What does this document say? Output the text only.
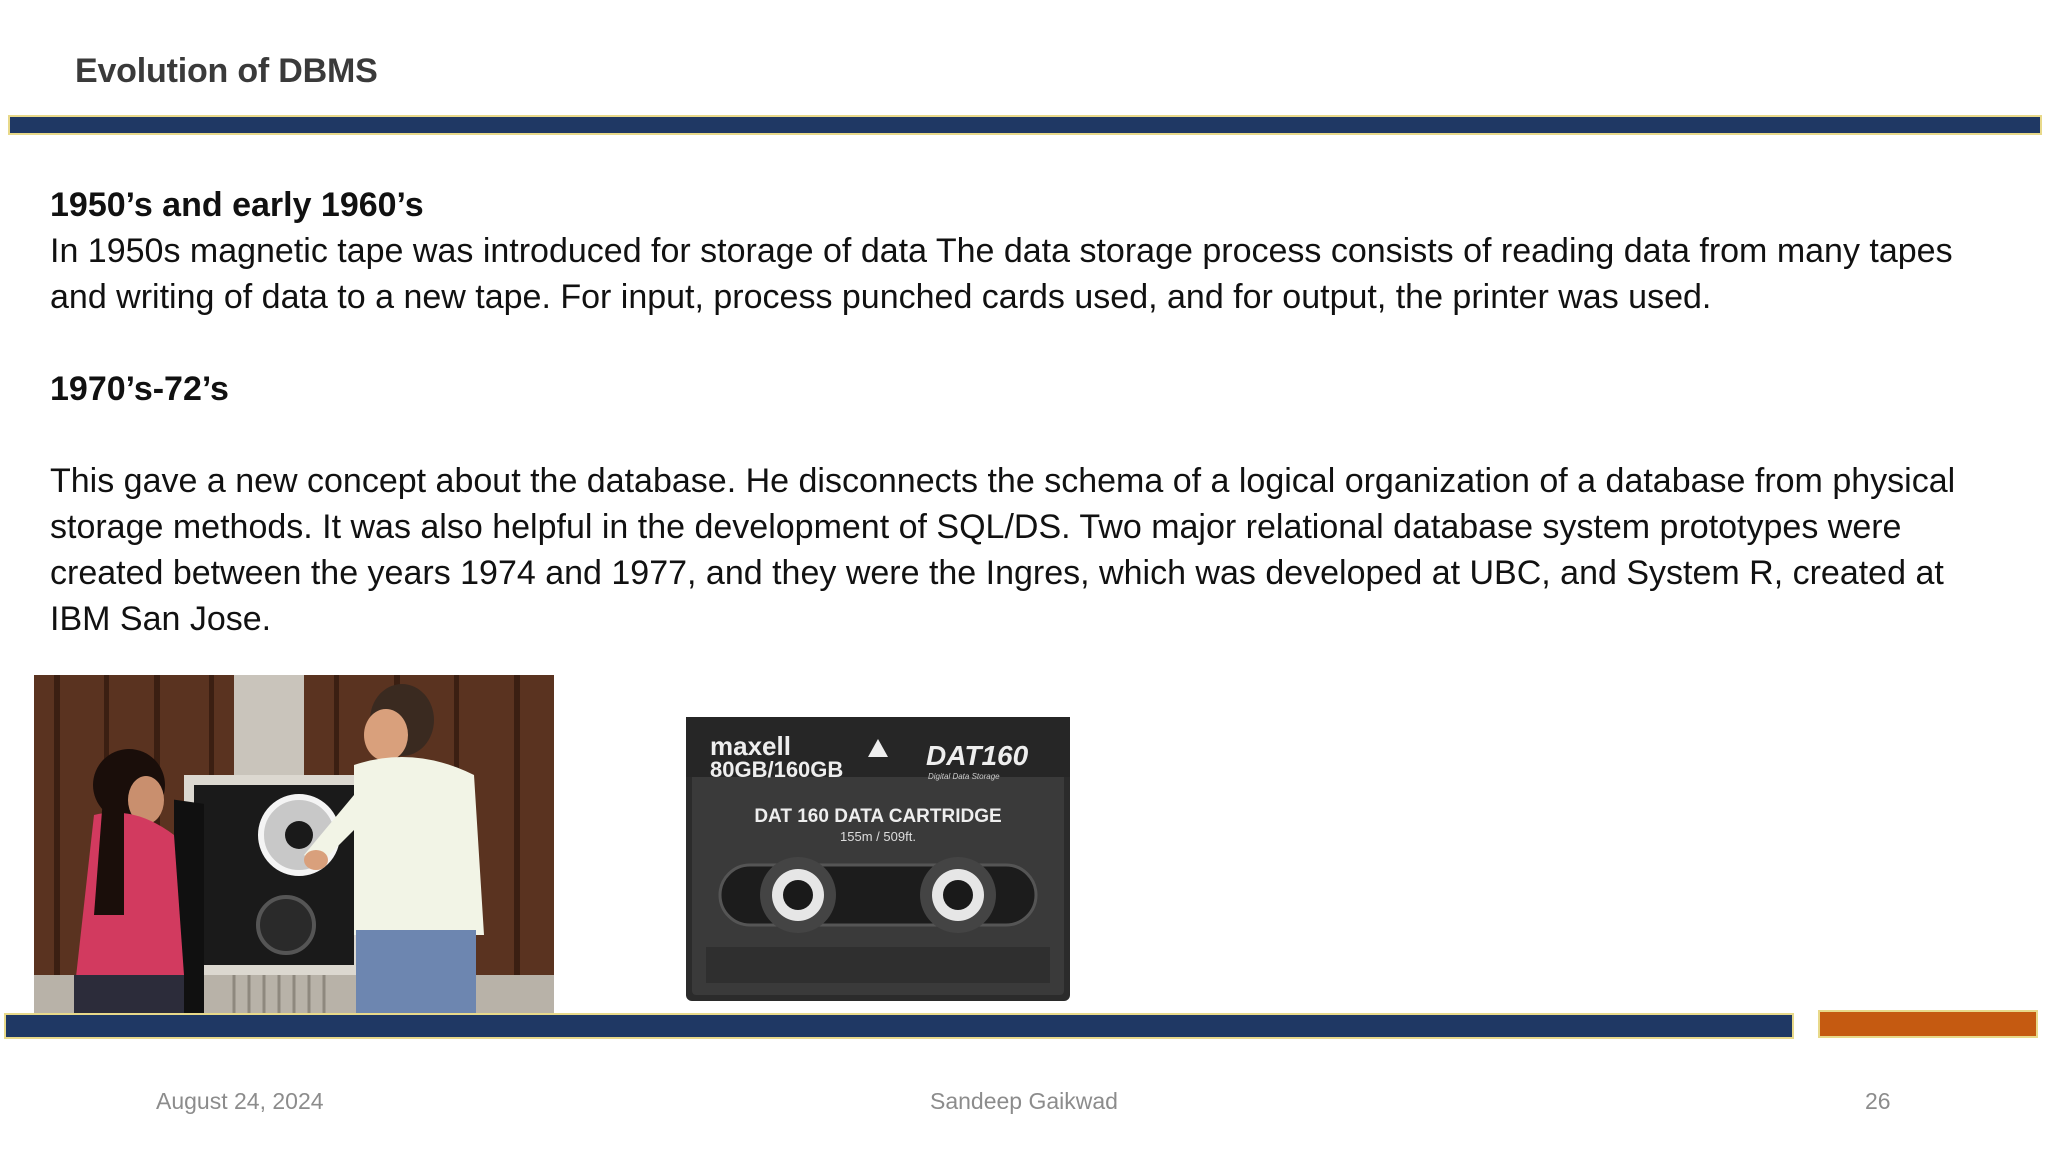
Evolution of DBMS

1950’s and early 1960’s

In 1950s magnetic tape was introduced for storage of data The data storage process consists of reading data from many tapes and writing of data to a new tape. For input, process punched cards used, and for output, the printer was used.

1970’s-72’s

This gave a new concept about the database. He disconnects the schema of a logical organization of a database from physical storage methods. It was also helpful in the development of SQL/DS. Two major relational database system prototypes were created between the years 1974 and 1977, and they were the Ingres, which was developed at UBC, and System R, created at IBM San Jose.

maxell
80GB/160GB	DAT160
Digital Data Storage
DAT 160 DATA CARTRIDGE
155m / 509ft.
August 24, 2024	Sandeep Gaikwad	26
